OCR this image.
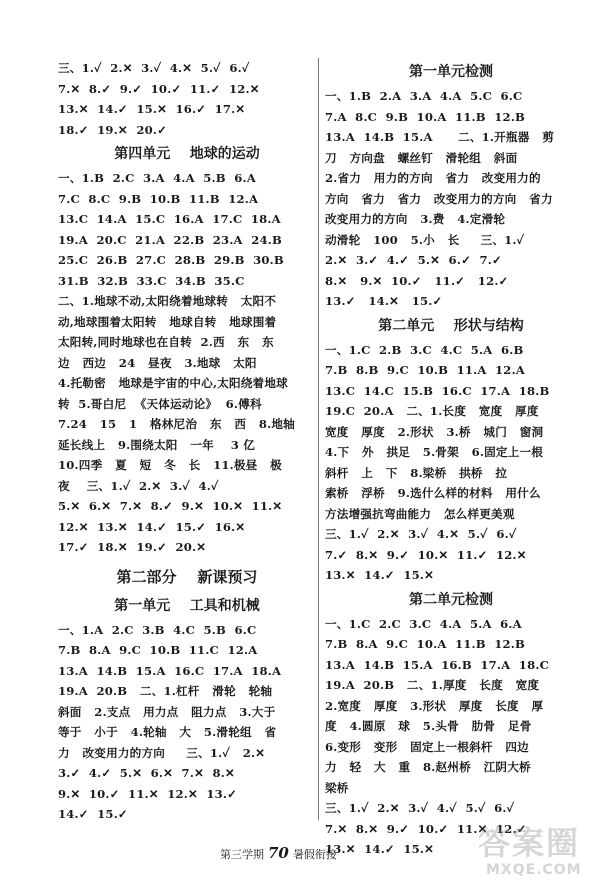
三、1.✓  2.✕  3.✓  4.✕  5.✓  6.✓
7.✕  8.✓  9.✓  10.✓  11.✓  12.✕
13.✕  14.✓  15.✕  16.✓  17.✕
18.✓  19.✕  20.✓
第四单元    地球的运动
一、1.B  2.C  3.A  4.A  5.B  6.A
7.C  8.C  9.B  10.B  11.B  12.A
13.C  14.A  15.C  16.A  17.C  18.A
19.A  20.C  21.A  22.B  23.A  24.B
25.C  26.B  27.C  28.B  29.B  30.B
31.B  32.B  33.C  34.B  35.C
二、1.地球不动,太阳绕着地球转   太阳不
动,地球围着太阳转   地球自转   地球围着
太阳转,同时地球也在自转  2.西   东   东
边   西边   24   昼夜   3.地球   太阳
4.托勒密   地球是宇宙的中心,太阳绕着地球
转  5.哥白尼  《天体运动论》  6.傅科
7.24   15   1   格林尼治   东   西   8.地轴
延长线上   9.围绕太阳   一年    3 亿
10.四季   夏   短   冬   长   11.极昼   极
夜    三、1.✓  2.✕  3.✓  4.✓
5.✕  6.✕  7.✕  8.✓  9.✕  10.✕  11.✕
12.✕  13.✕  14.✓  15.✓  16.✕
17.✓  18.✕  19.✓  20.✕
第二部分    新课预习
第一单元    工具和机械
一、1.A  2.C  3.B  4.C  5.B  6.C
7.B  8.A  9.C  10.B  11.C  12.A
13.A  14.B  15.A  16.C  17.A  18.A
19.A  20.B   二、1.杠杆   滑轮   轮轴
斜面   2.支点   用力点   阻力点   3.大于
等于   小于   4.轮轴   大   5.滑轮组   省
力   改变用力的方向     三、1.✓   2.✕
3.✓  4.✓  5.✕  6.✕  7.✕  8.✕
9.✕  10.✓  11.✕  12.✕  13.✓
14.✓  15.✓
第一单元检测
一、1.B  2.A  3.A  4.A  5.C  6.C
7.A  8.C  9.B  10.A  11.B  12.B
13.A  14.B  15.A      二、1.开瓶器   剪
刀   方向盘   螺丝钉   滑轮组   斜面
2.省力   用力的方向   省力   改变用力的
方向   省力   省力   改变用力的方向   省力
改变用力的方向   3.费   4.定滑轮
动滑轮   100   5.小   长     三、1.✓
2.✕  3.✓  4.✓  5.✕  6.✓  7.✓
8.✕   9.✕  10.✓   11.✓   12.✓
13.✓   14.✕   15.✓
第二单元    形状与结构
一、1.C  2.B  3.C  4.C  5.A  6.B
7.B  8.B  9.C  10.B  11.A  12.A
13.C  14.C  15.B  16.C  17.A  18.B
19.C  20.A   二、1.长度   宽度   厚度
宽度   厚度   2.形状   3.桥   城门   窗洞
4.下   外   拱足   5.骨架   6.固定上一根
斜杆   上   下   8.梁桥   拱桥   拉
索桥   浮桥   9.选什么样的材料   用什么
方法增强抗弯曲能力   怎么样更美观
三、1.✓  2.✕  3.✓  4.✕  5.✓  6.✓
7.✓  8.✕  9.✓  10.✕  11.✓  12.✕
13.✕  14.✓  15.✕
第二单元检测
一、1.C  2.C  3.C  4.A  5.A  6.A
7.B  8.A  9.C  10.A  11.B  12.B
13.A  14.B  15.A  16.B  17.A  18.C
19.A  20.B   二、1.厚度   长度   宽度
2.宽度   厚度   3.形状   厚度   长度   厚
度   4.圆原   球   5.头骨   肋骨   足骨
6.变形   变形   固定上一根斜杆   四边
力   轻   大   重   8.赵州桥   江阴大桥
梁桥
三、1.✓  2.✕  3.✓  4.✓  5.✓  6.✓
7.✕  8.✕  9.✓  10.✓  11.✕  12.✓
13.✕  14.✓  15.✕
第三学期 70 暑假衔接	答案圈
MXQE.COM
